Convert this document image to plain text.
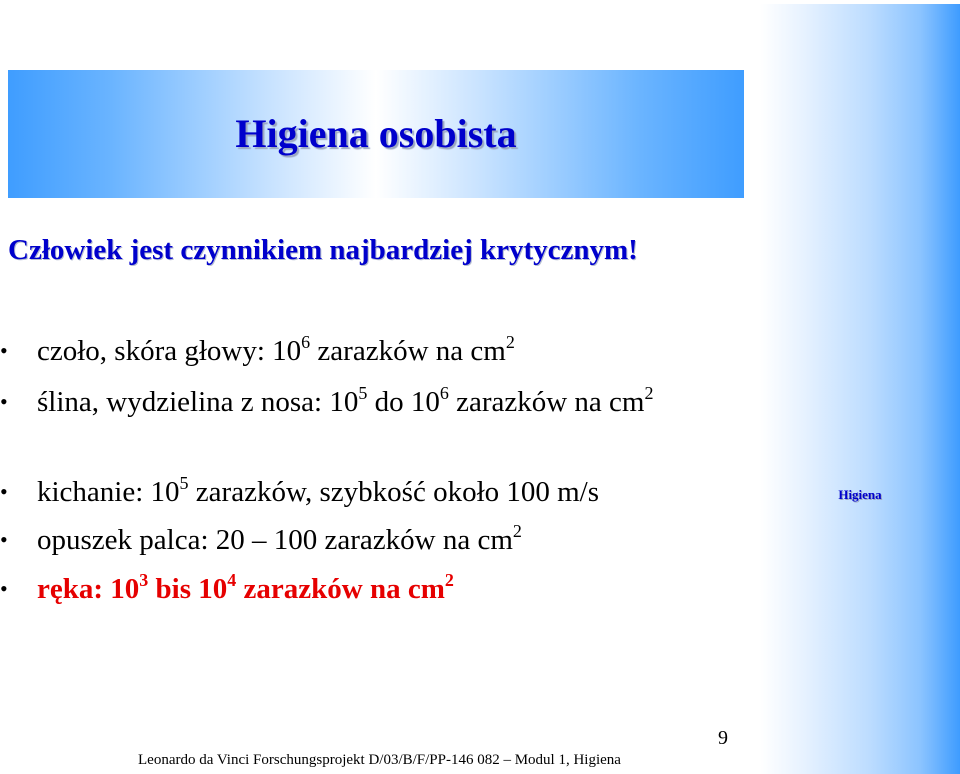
Higiena
Higiena osobista
Człowiek jest czynnikiem najbardziej krytycznym!
•	czoło, skóra głowy: $10^6$ zarazków na $cm^2$
•	ślina, wydzielina z nosa: $10^5$ do $10^6$ zarazków na $cm^2$
•	kichanie: $10^5$ zarazków, szybkość około 100 m/s
•	opuszek palca: 20 – 100 zarazków na $cm^2$
•	ręka: $10^3$ bis $10^4$ zarazków na $cm^2$
9
Leonardo da Vinci Forschungsprojekt D/03/B/F/PP-146 082 – Modul 1, Higiena
